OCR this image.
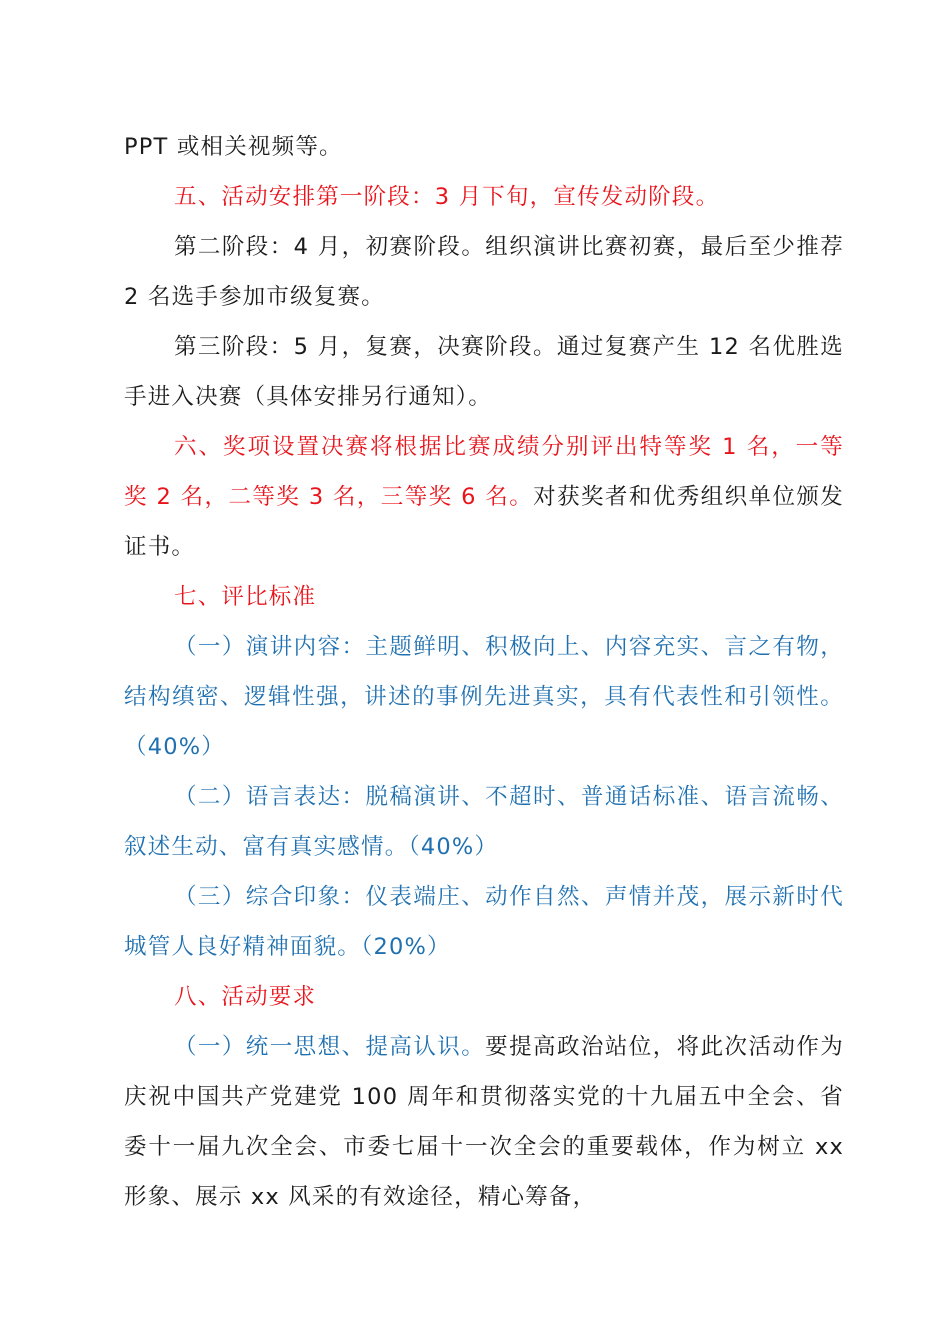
PPT 或相关视频等。

五、活动安排第一阶段：3 月下旬，宣传发动阶段。

第二阶段：4 月，初赛阶段。组织演讲比赛初赛，最后至少推荐 2 名选手参加市级复赛。

第三阶段：5 月，复赛，决赛阶段。通过复赛产生 12 名优胜选手进入决赛（具体安排另行通知）。

六、奖项设置决赛将根据比赛成绩分别评出特等奖 1 名，一等奖 2 名，二等奖 3 名，三等奖 6 名。对获奖者和优秀组织单位颁发证书。

七、评比标准

（一）演讲内容：主题鲜明、积极向上、内容充实、言之有物，结构缜密、逻辑性强，讲述的事例先进真实，具有代表性和引领性。（40%）

（二）语言表达：脱稿演讲、不超时、普通话标准、语言流畅、叙述生动、富有真实感情。（40%）

（三）综合印象：仪表端庄、动作自然、声情并茂，展示新时代城管人良好精神面貌。（20%）

八、活动要求

（一）统一思想、提高认识。要提高政治站位，将此次活动作为庆祝中国共产党建党 100 周年和贯彻落实党的十九届五中全会、省委十一届九次全会、市委七届十一次全会的重要载体，作为树立 xx 形象、展示 xx 风采的有效途径，精心筹备，
